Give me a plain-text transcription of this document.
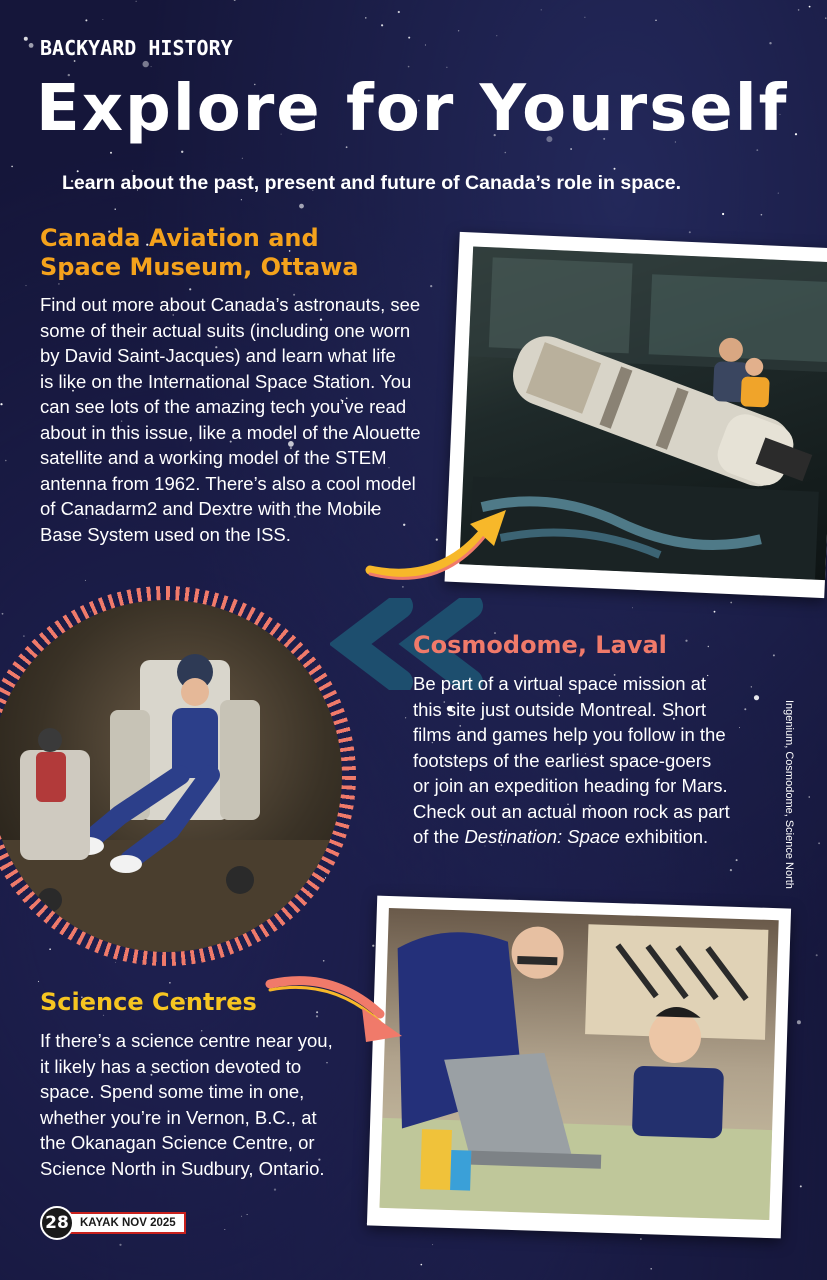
BACKYARD HISTORY
Explore for Yourself
Learn about the past, present and future of Canada’s role in space.
Canada Aviation and
Space Museum, Ottawa

Find out more about Canada’s astronauts, see

some of their actual suits (including one worn

by David Saint-Jacques) and learn what life

is like on the International Space Station. You

can see lots of the amazing tech you’ve read

about in this issue, like a model of the Alouette

satellite and a working model of the STEM

antenna from 1962. There’s also a cool model

of Canadarm2 and Dextre with the Mobile

Base System used on the ISS.

Cosmodome, Laval

Be part of a virtual space mission at

this site just outside Montreal. Short

films and games help you follow in the

footsteps of the earliest space-goers

or join an expedition heading for Mars.

Check out an actual moon rock as part

of the Destination: Space exhibition.	Ingenium, Cosmodome, Science North
Science Centres

If there’s a science centre near you,

it likely has a section devoted to

space. Spend some time in one,

whether you’re in Vernon, B.C., at

the Okanagan Science Centre, or

Science North in Sudbury, Ontario.

28 KAYAK NOV 2025
